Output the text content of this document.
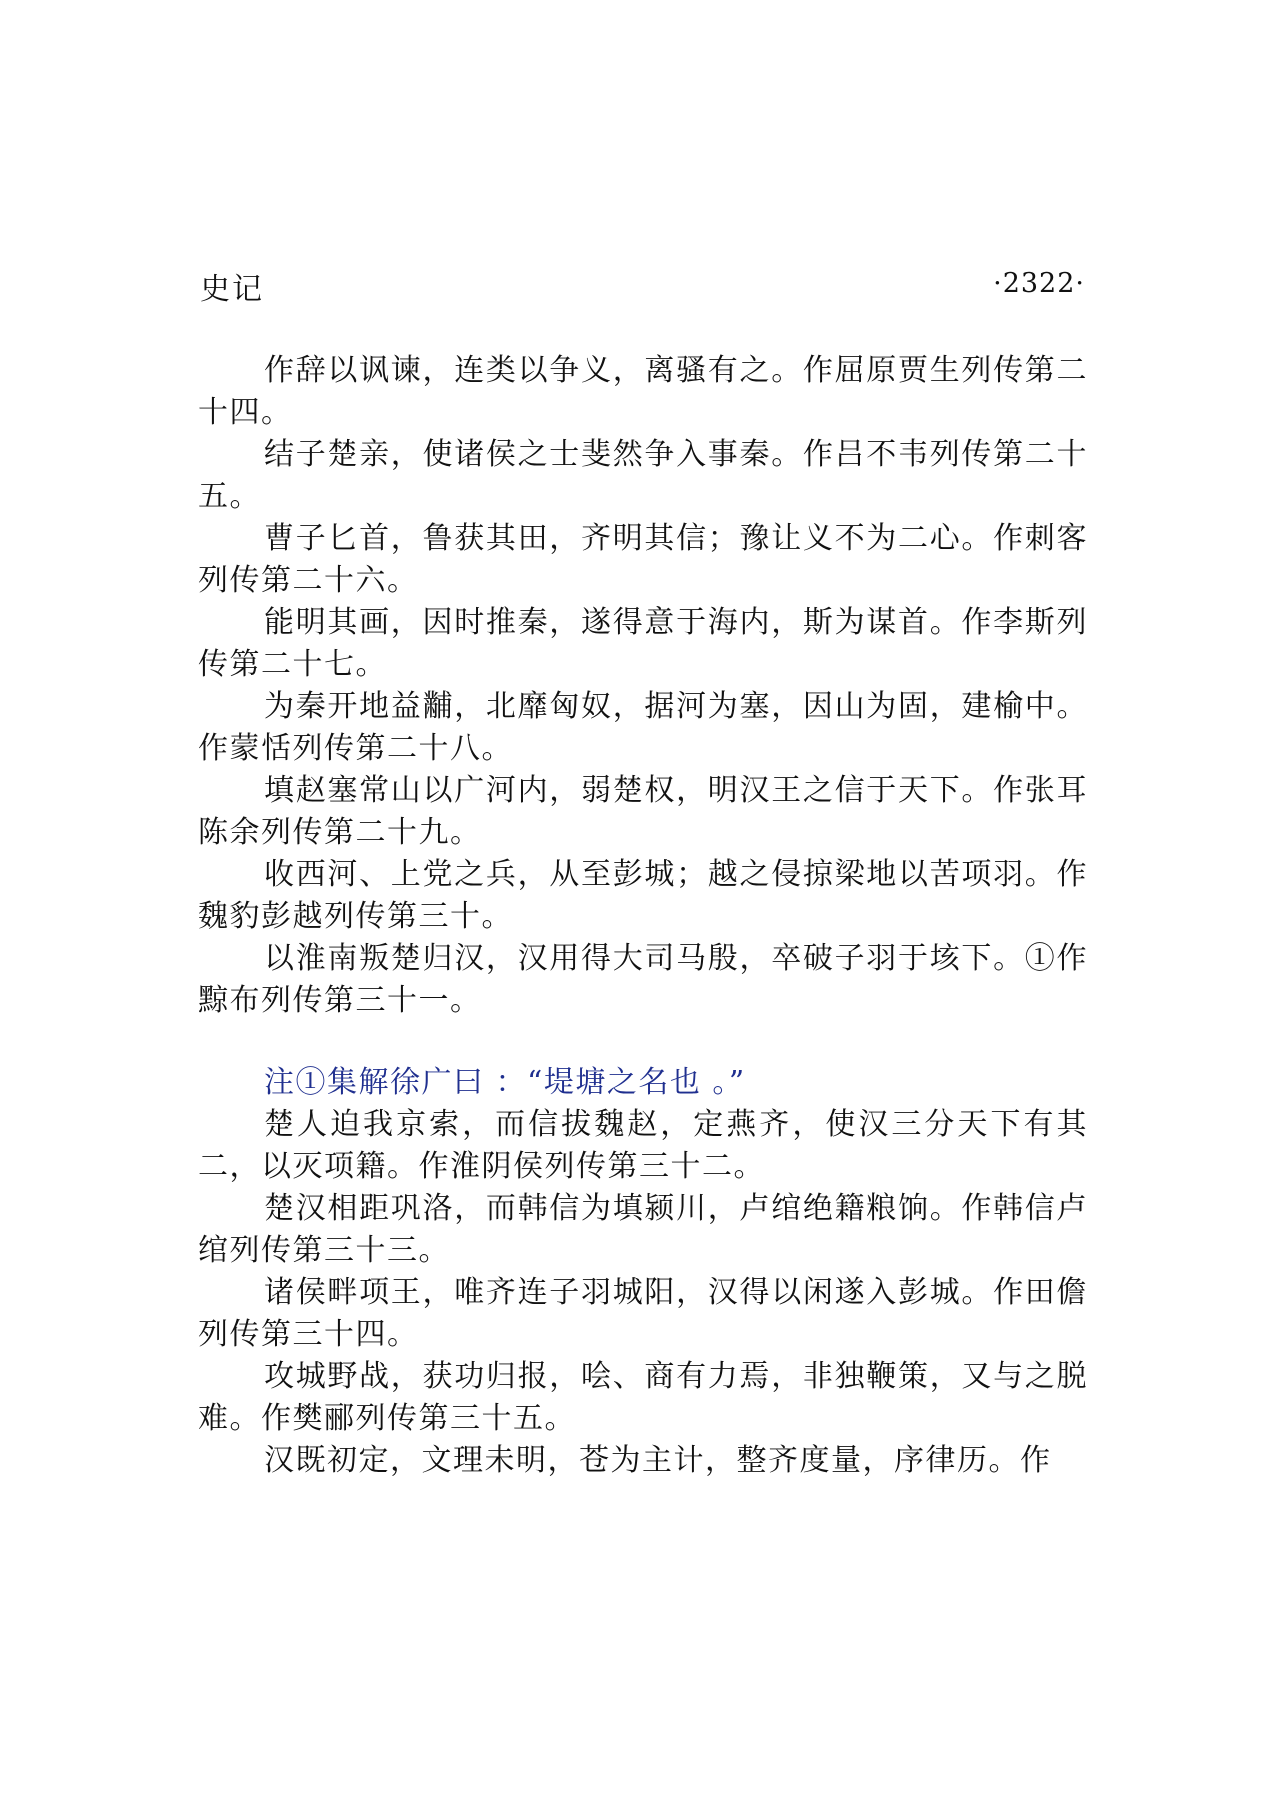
史记	·2322·

作辞以讽谏，连类以争义，离骚有之。作屈原贾生列传第二十四。

结子楚亲，使诸侯之士斐然争入事秦。作吕不韦列传第二十五。

曹子匕首，鲁获其田，齐明其信；豫让义不为二心。作刺客列传第二十六。

能明其画，因时推秦，遂得意于海内，斯为谋首。作李斯列传第二十七。

为秦开地益黼，北靡匈奴，据河为塞，因山为固，建榆中。作蒙恬列传第二十八。

填赵塞常山以广河内，弱楚权，明汉王之信于天下。作张耳陈余列传第二十九。

收西河、上党之兵，从至彭城；越之侵掠梁地以苦项羽。作魏豹彭越列传第三十。

以淮南叛楚归汉，汉用得大司马殷，卒破子羽于垓下。①作黥布列传第三十一。

注①集解徐广曰 ：“堤塘之名也 。”

楚人迫我京索，而信拔魏赵，定燕齐，使汉三分天下有其二，以灭项籍。作淮阴侯列传第三十二。

楚汉相距巩洛，而韩信为填颍川，卢绾绝籍粮饷。作韩信卢绾列传第三十三。

诸侯畔项王，唯齐连子羽城阳，汉得以闲遂入彭城。作田儋列传第三十四。

攻城野战，获功归报，哙、商有力焉，非独鞭策，又与之脱难。作樊郦列传第三十五。

汉既初定，文理未明，苍为主计，整齐度量，序律历。作
